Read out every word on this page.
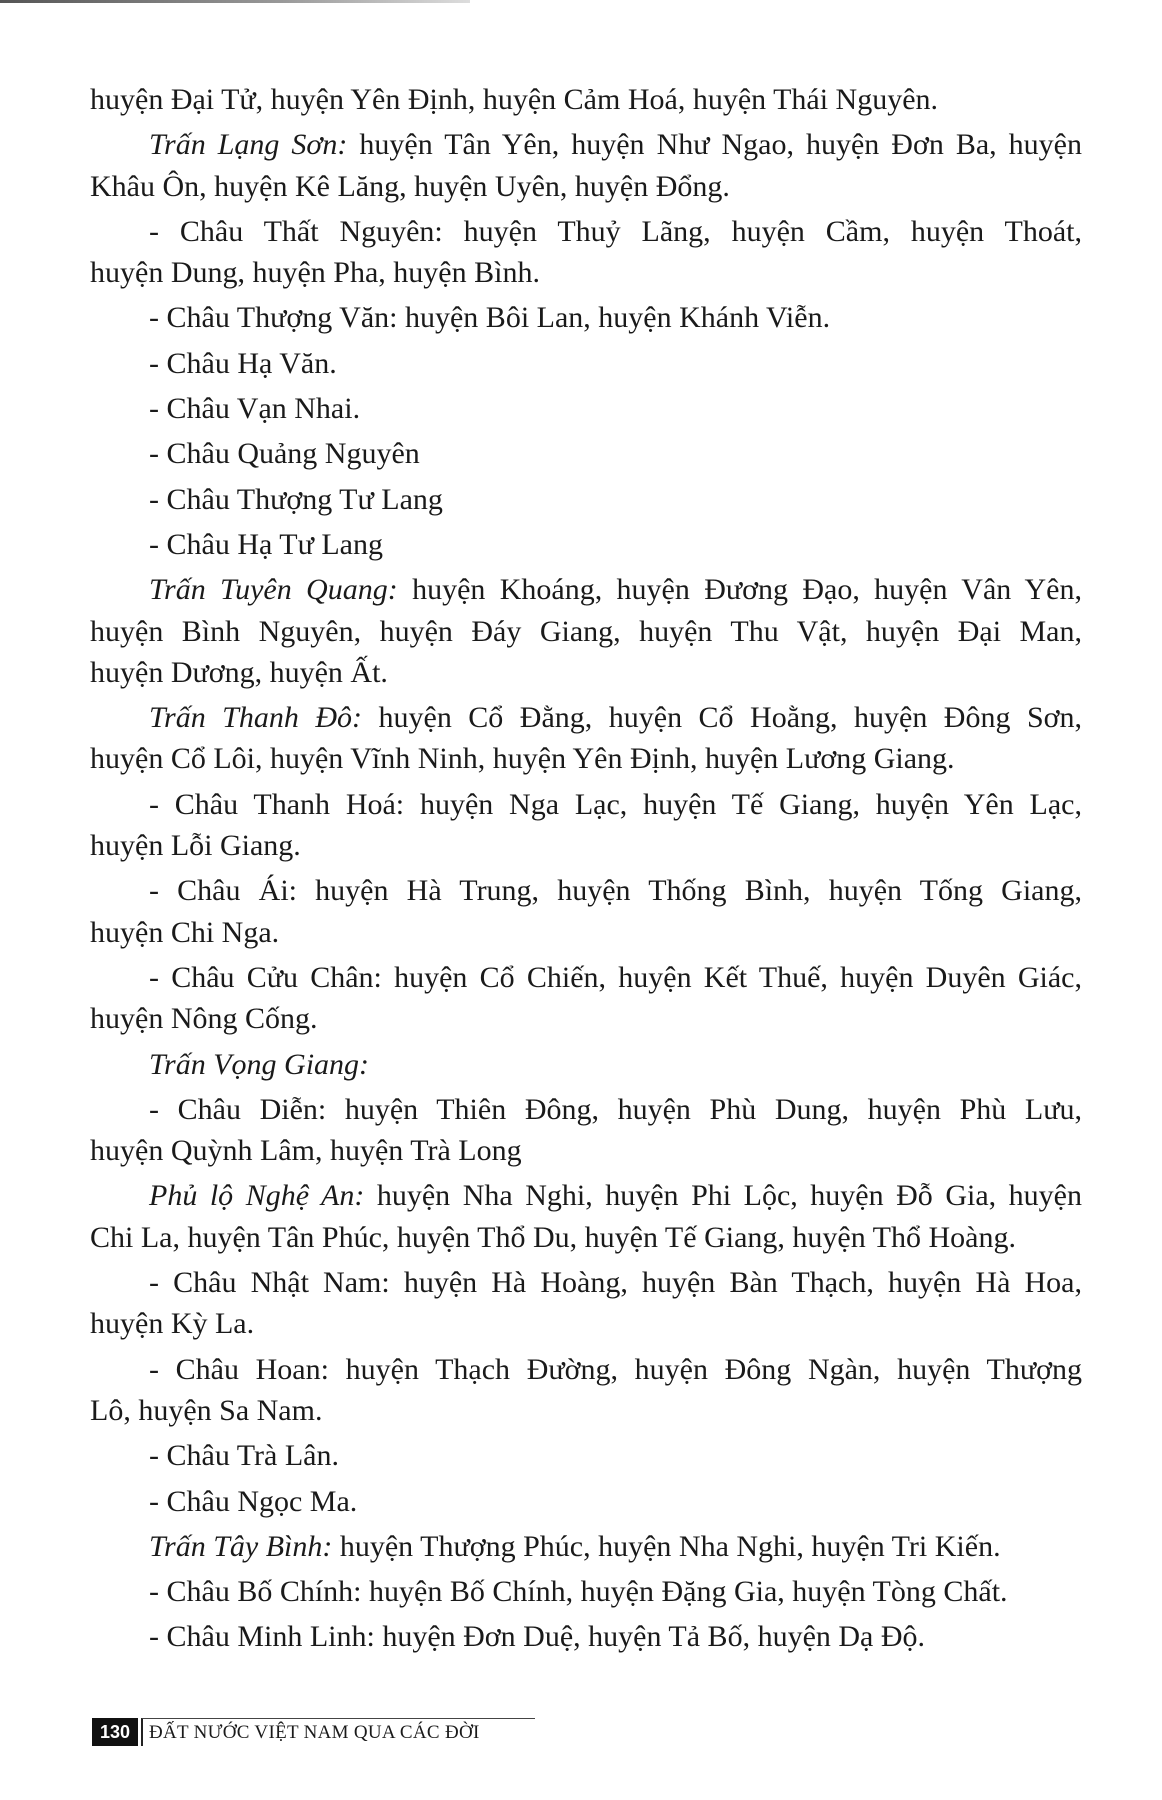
huyện Đại Tử, huyện Yên Định, huyện Cảm Hoá, huyện Thái Nguyên.
Trấn Lạng Sơn: huyện Tân Yên, huyện Như Ngao, huyện Đơn Ba, huyện
Khâu Ôn, huyện Kê Lăng, huyện Uyên, huyện Đổng.
- Châu Thất Nguyên: huyện Thuỷ Lãng, huyện Cầm, huyện Thoát,
huyện Dung, huyện Pha, huyện Bình.
- Châu Thượng Văn: huyện Bôi Lan, huyện Khánh Viễn.
- Châu Hạ Văn.
- Châu Vạn Nhai.
- Châu Quảng Nguyên
- Châu Thượng Tư Lang
- Châu Hạ Tư Lang
Trấn Tuyên Quang: huyện Khoáng, huyện Đương Đạo, huyện Vân Yên,
huyện Bình Nguyên, huyện Đáy Giang, huyện Thu Vật, huyện Đại Man,
huyện Dương, huyện Ất.
Trấn Thanh Đô: huyện Cổ Đằng, huyện Cổ Hoằng, huyện Đông Sơn,
huyện Cổ Lôi, huyện Vĩnh Ninh, huyện Yên Định, huyện Lương Giang.
- Châu Thanh Hoá: huyện Nga Lạc, huyện Tế Giang, huyện Yên Lạc,
huyện Lỗi Giang.
- Châu Ái: huyện Hà Trung, huyện Thống Bình, huyện Tống Giang,
huyện Chi Nga.
- Châu Cửu Chân: huyện Cổ Chiến, huyện Kết Thuế, huyện Duyên Giác,
huyện Nông Cống.
Trấn Vọng Giang:
- Châu Diễn: huyện Thiên Đông, huyện Phù Dung, huyện Phù Lưu,
huyện Quỳnh Lâm, huyện Trà Long
Phủ lộ Nghệ An: huyện Nha Nghi, huyện Phi Lộc, huyện Đỗ Gia, huyện
Chi La, huyện Tân Phúc, huyện Thổ Du, huyện Tế Giang, huyện Thổ Hoàng.
- Châu Nhật Nam: huyện Hà Hoàng, huyện Bàn Thạch, huyện Hà Hoa,
huyện Kỳ La.
- Châu Hoan: huyện Thạch Đường, huyện Đông Ngàn, huyện Thượng
Lô, huyện Sa Nam.
- Châu Trà Lân.
- Châu Ngọc Ma.
Trấn Tây Bình: huyện Thượng Phúc, huyện Nha Nghi, huyện Tri Kiến.
- Châu Bố Chính: huyện Bố Chính, huyện Đặng Gia, huyện Tòng Chất.
- Châu Minh Linh: huyện Đơn Duệ, huyện Tả Bố, huyện Dạ Độ.
130 ĐẤT NƯỚC VIỆT NAM QUA CÁC ĐỜI
